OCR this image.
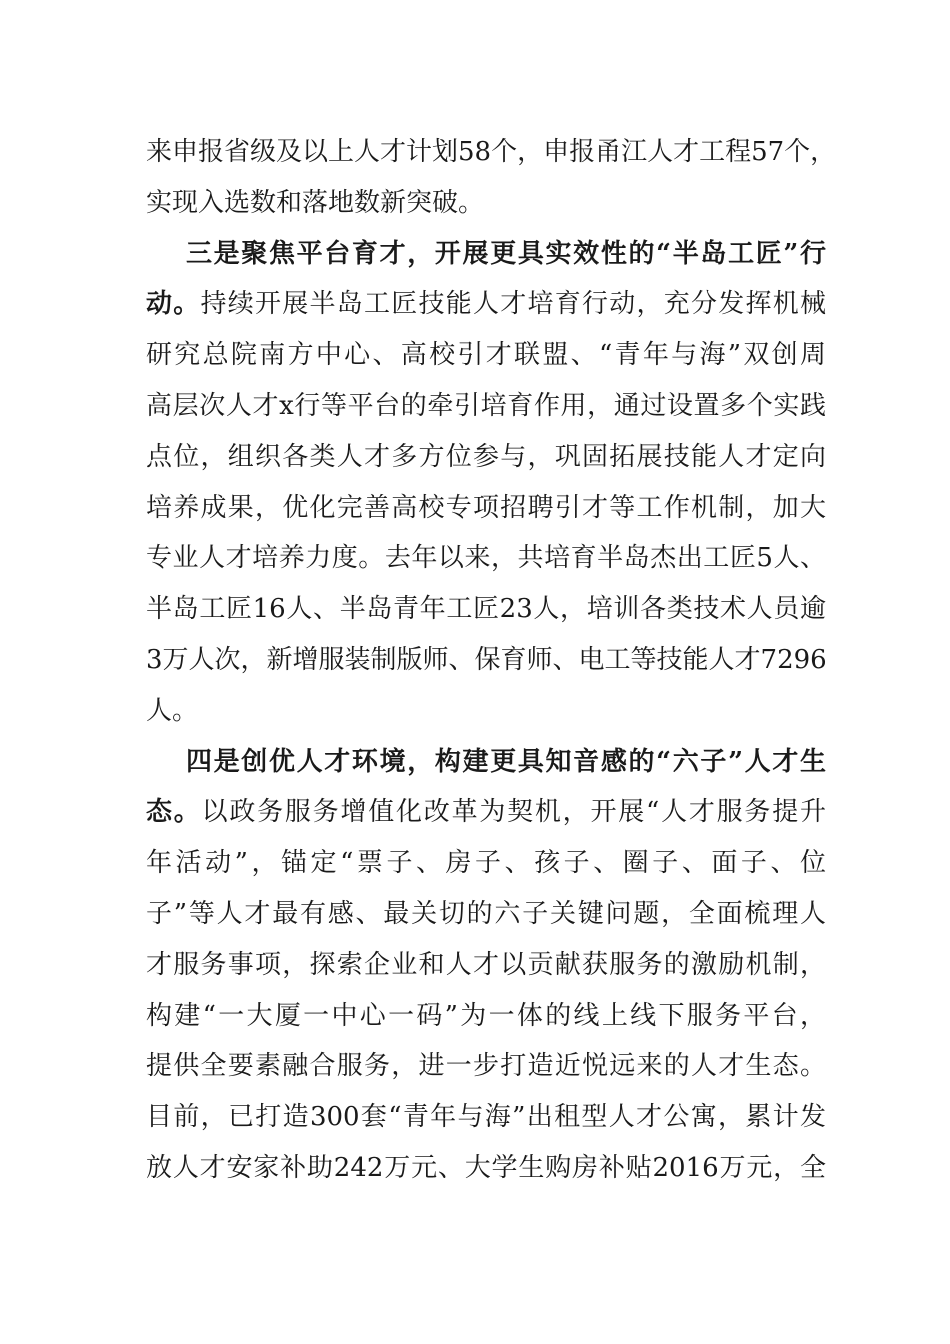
来申报省级及以上人才计划58个，申报甬江人才工程57个，
实现入选数和落地数新突破。
三是聚焦平台育才，开展更具实效性的“半岛工匠”行
动。持续开展半岛工匠技能人才培育行动，充分发挥机械
研究总院南方中心、高校引才联盟、“青年与海”双创周
高层次人才x行等平台的牵引培育作用，通过设置多个实践
点位，组织各类人才多方位参与，巩固拓展技能人才定向
培养成果，优化完善高校专项招聘引才等工作机制，加大
专业人才培养力度。去年以来，共培育半岛杰出工匠5人、
半岛工匠16人、半岛青年工匠23人，培训各类技术人员逾
3万人次，新增服装制版师、保育师、电工等技能人才7296
人。
四是创优人才环境，构建更具知音感的“六子”人才生
态。以政务服务增值化改革为契机，开展“人才服务提升
年活动”，锚定“票子、房子、孩子、圈子、面子、位
子”等人才最有感、最关切的六子关键问题，全面梳理人
才服务事项，探索企业和人才以贡献获服务的激励机制，
构建“一大厦一中心一码”为一体的线上线下服务平台，
提供全要素融合服务，进一步打造近悦远来的人才生态。
目前，已打造300套“青年与海”出租型人才公寓，累计发
放人才安家补助242万元、大学生购房补贴2016万元，全
